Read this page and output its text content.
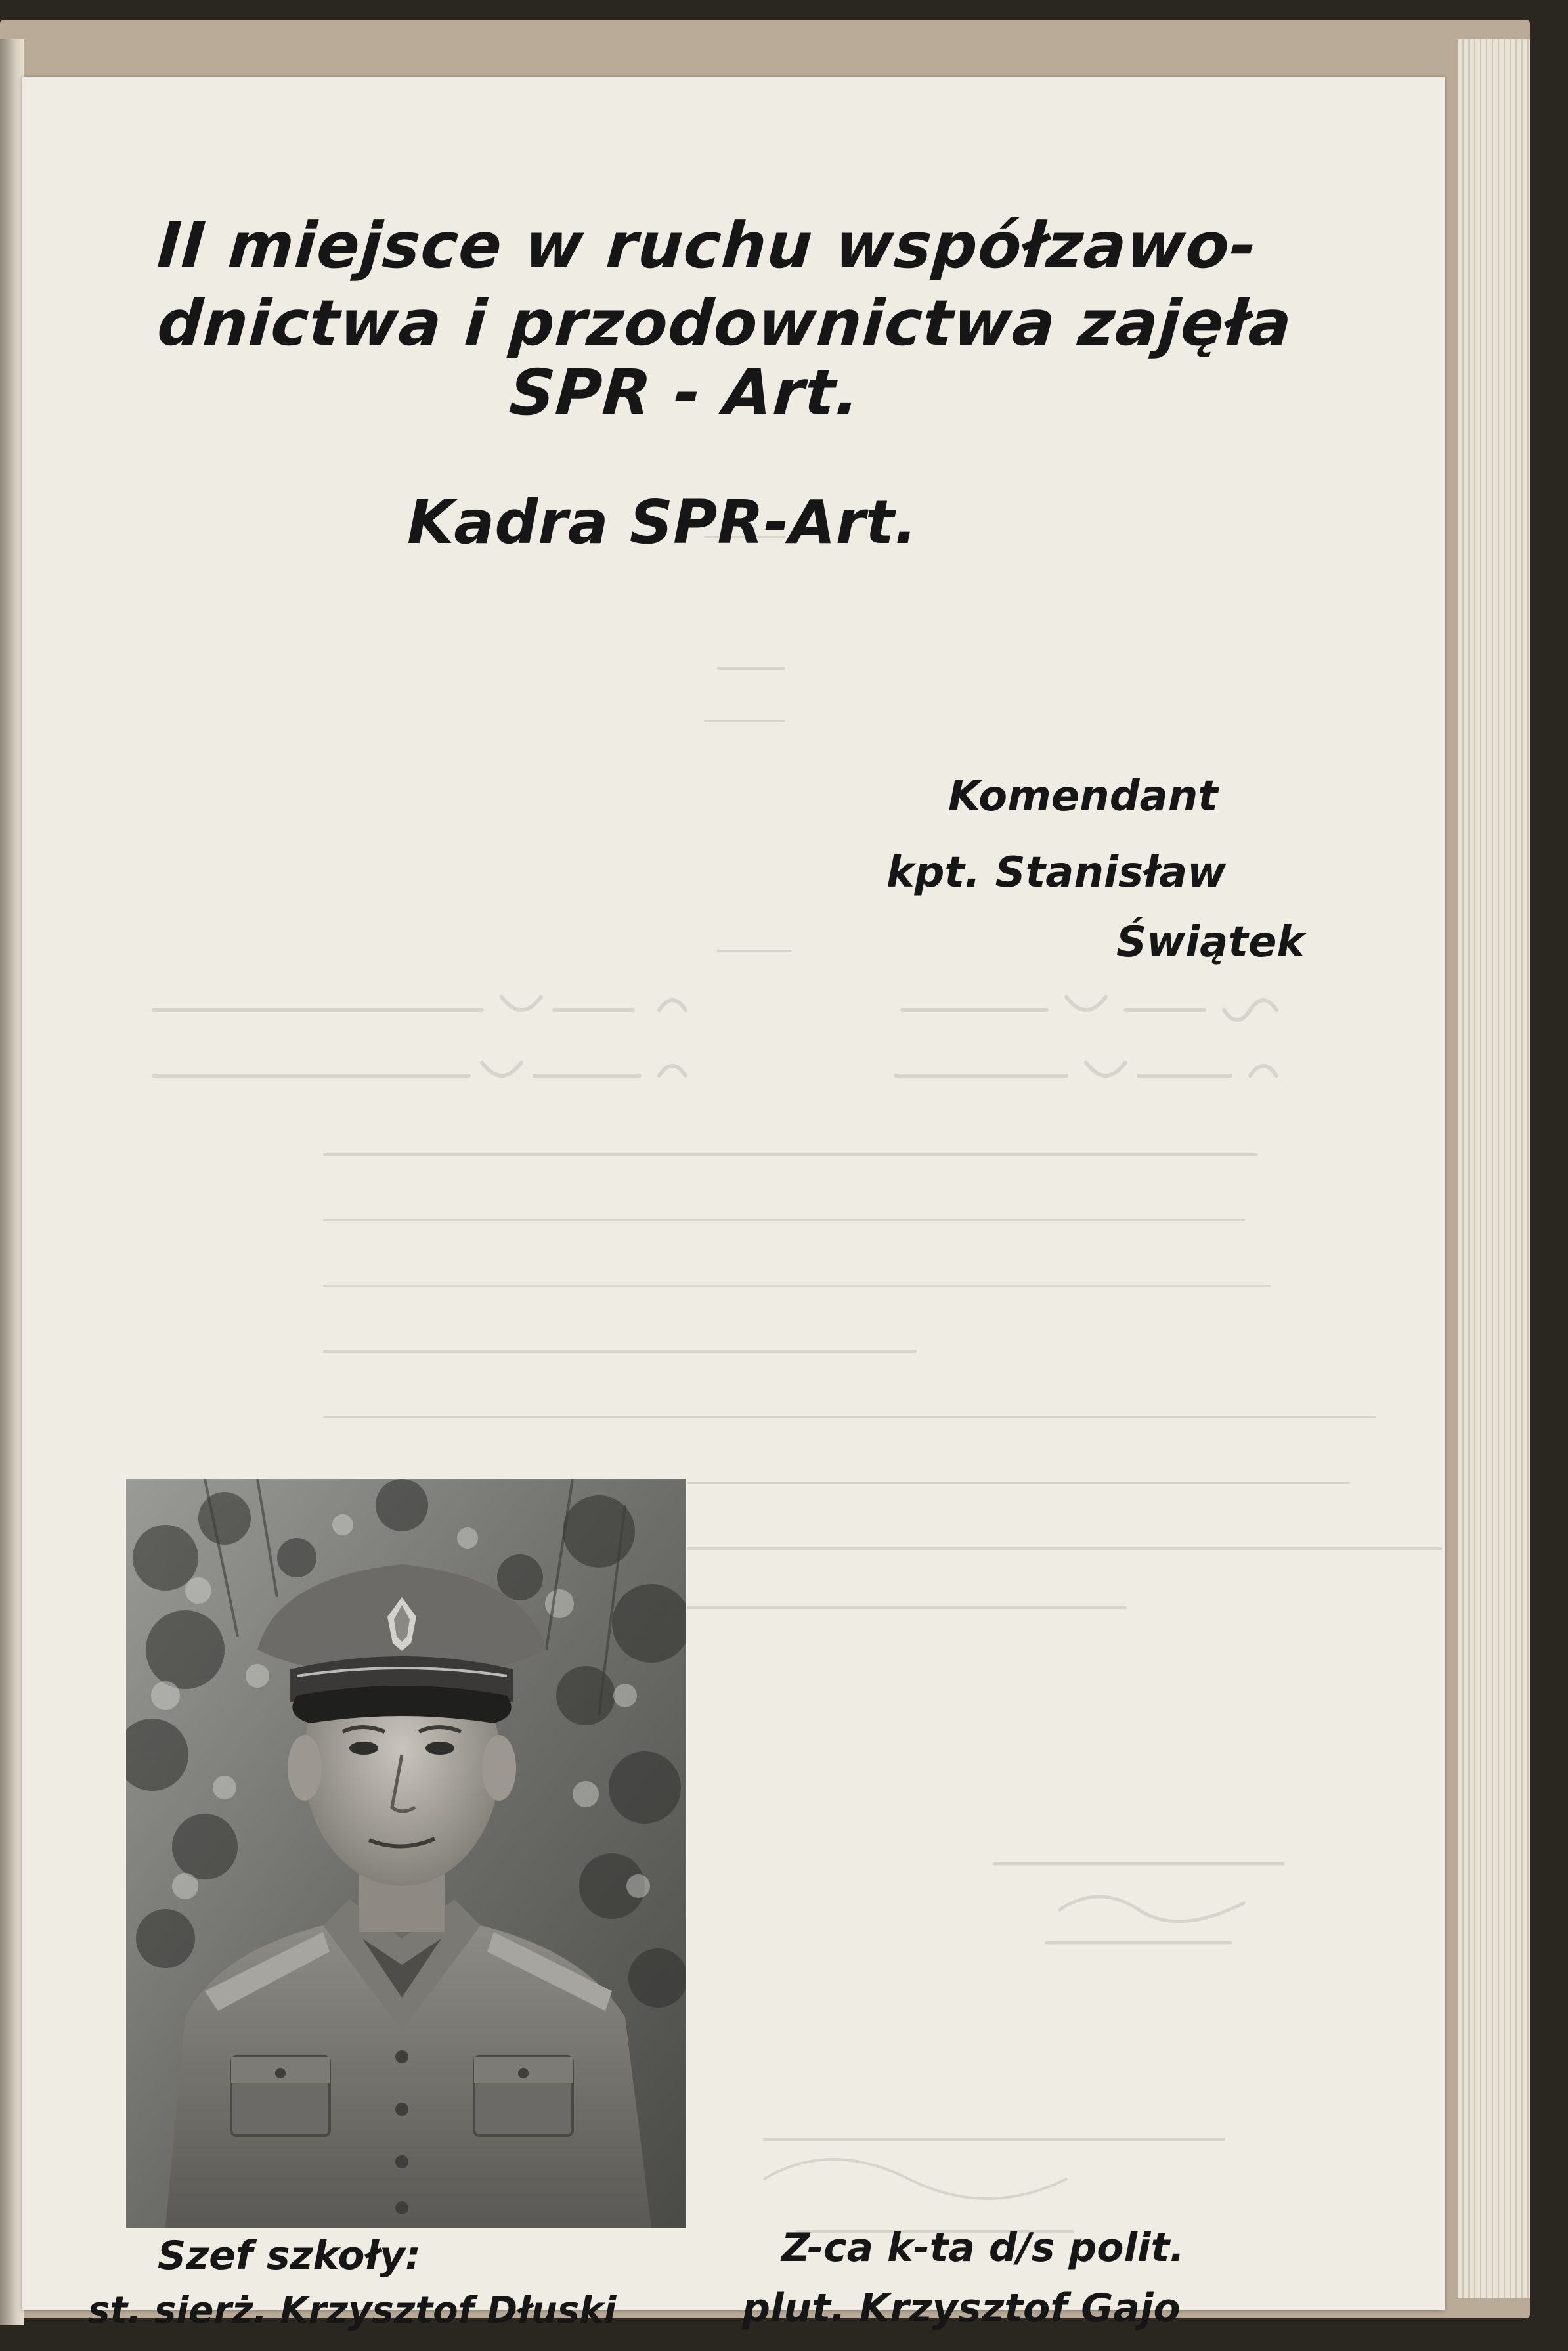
II miejsce w ruchu współzawo-

dnictwa i przodownictwa zajęła

SPR - Art.

Kadra SPR-Art.

Komendant

kpt. Stanisław

Świątek

Szef szkoły:

st. sierż. Krzysztof Dłuski

Z-ca k-ta d/s polit.

plut. Krzysztof Gajo
